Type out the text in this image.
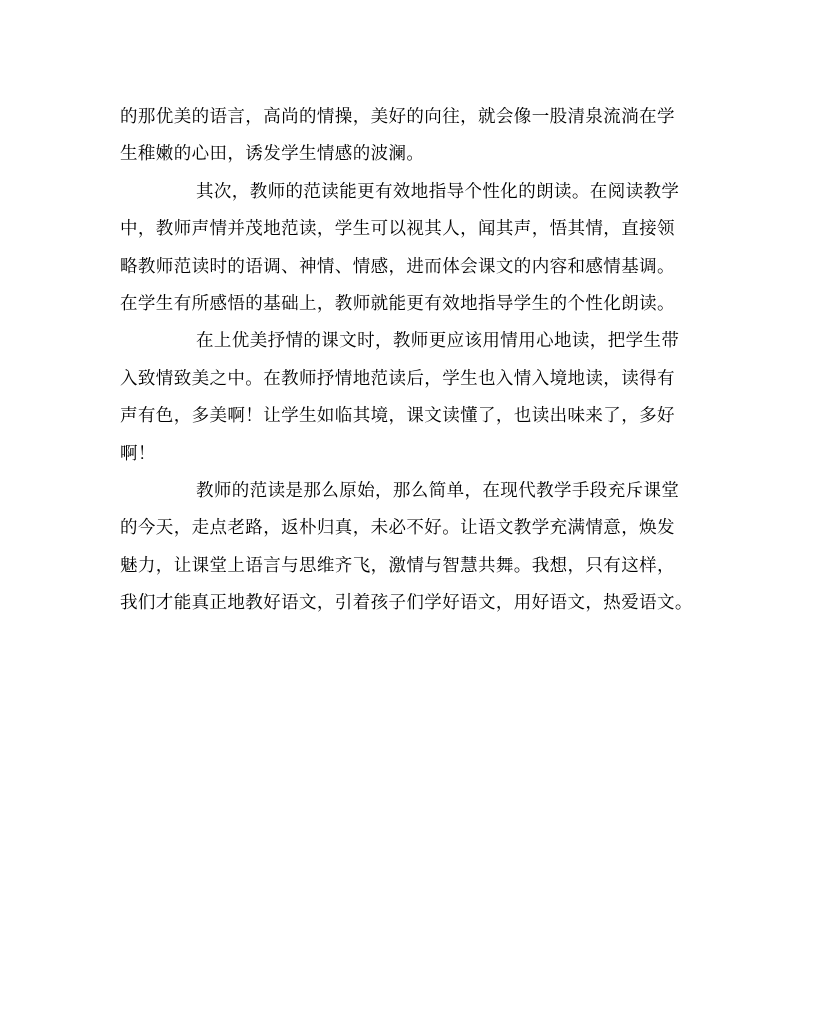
的那优美的语言，高尚的情操，美好的向往，就会像一股清泉流淌在学
生稚嫩的心田，诱发学生情感的波澜。
其次，教师的范读能更有效地指导个性化的朗读。在阅读教学
中，教师声情并茂地范读，学生可以视其人，闻其声，悟其情，直接领
略教师范读时的语调、神情、情感，进而体会课文的内容和感情基调。
在学生有所感悟的基础上，教师就能更有效地指导学生的个性化朗读。
在上优美抒情的课文时，教师更应该用情用心地读，把学生带
入致情致美之中。在教师抒情地范读后，学生也入情入境地读，读得有
声有色，多美啊！让学生如临其境，课文读懂了，也读出味来了，多好
啊！
教师的范读是那么原始，那么简单，在现代教学手段充斥课堂
的今天，走点老路，返朴归真，未必不好。让语文教学充满情意，焕发
魅力，让课堂上语言与思维齐飞，激情与智慧共舞。我想，只有这样，
我们才能真正地教好语文，引着孩子们学好语文，用好语文，热爱语文。
